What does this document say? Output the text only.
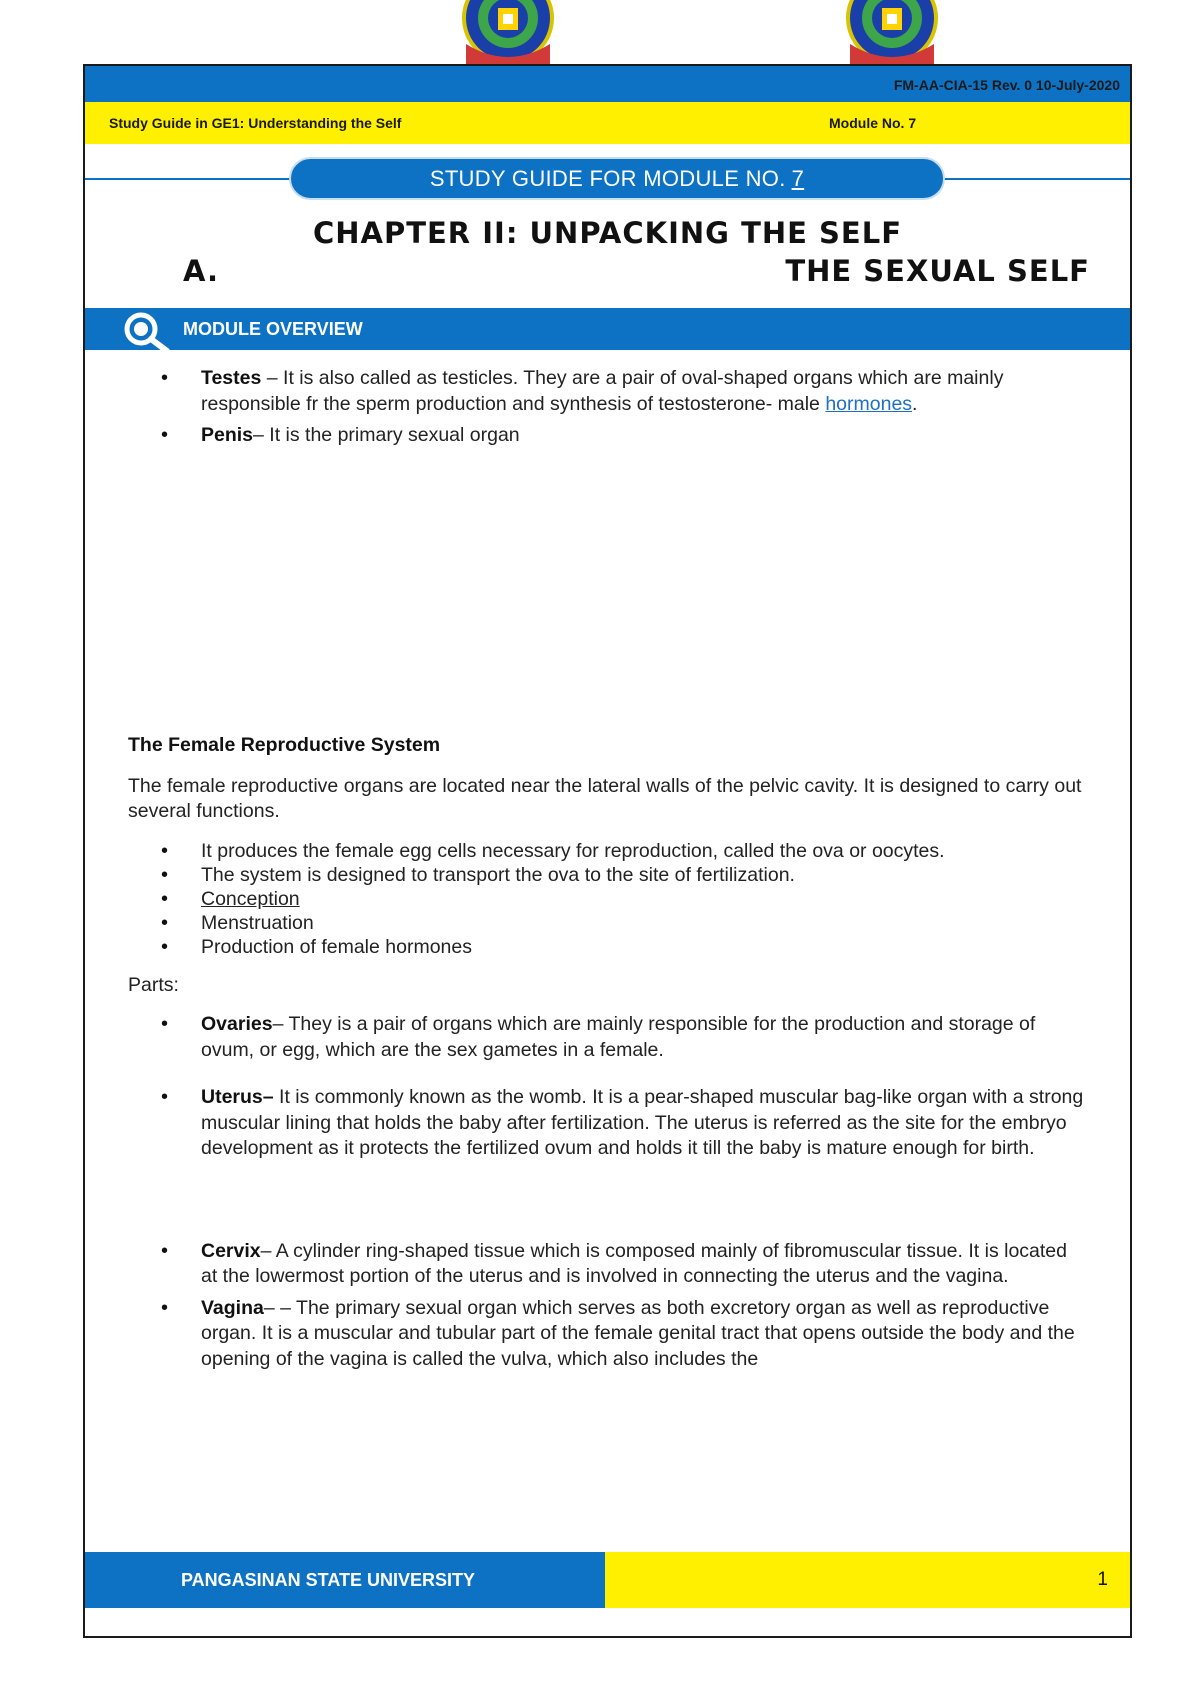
FM-AA-CIA-15 Rev. 0 10-July-2020
Study Guide in GE1: Understanding the Self	Module No. 7
STUDY GUIDE FOR MODULE NO. 7
CHAPTER II: UNPACKING THE SELF
A.	THE SEXUAL SELF
MODULE OVERVIEW
• Testes – It is also called as testicles. They are a pair of oval-shaped organs which are mainly responsible fr the sperm production and synthesis of testosterone- male hormones.
• Penis– It is the primary sexual organ
The Female Reproductive System
The female reproductive organs are located near the lateral walls of the pelvic cavity. It is designed to carry out several functions.
• It produces the female egg cells necessary for reproduction, called the ova or oocytes.
• The system is designed to transport the ova to the site of fertilization.
• Conception
• Menstruation
• Production of female hormones
Parts:
• Ovaries– They is a pair of organs which are mainly responsible for the production and storage of ovum, or egg, which are the sex gametes in a female.
• Uterus– It is commonly known as the womb. It is a pear-shaped muscular bag-like organ with a strong muscular lining that holds the baby after fertilization. The uterus is referred as the site for the embryo development as it protects the fertilized ovum and holds it till the baby is mature enough for birth.
• Cervix– A cylinder ring-shaped tissue which is composed mainly of fibromuscular tissue. It is located at the lowermost portion of the uterus and is involved in connecting the uterus and the vagina.
• Vagina– – The primary sexual organ which serves as both excretory organ as well as reproductive organ. It is a muscular and tubular part of the female genital tract that opens outside the body and the opening of the vagina is called the vulva, which also includes the
PANGASINAN STATE UNIVERSITY	1
